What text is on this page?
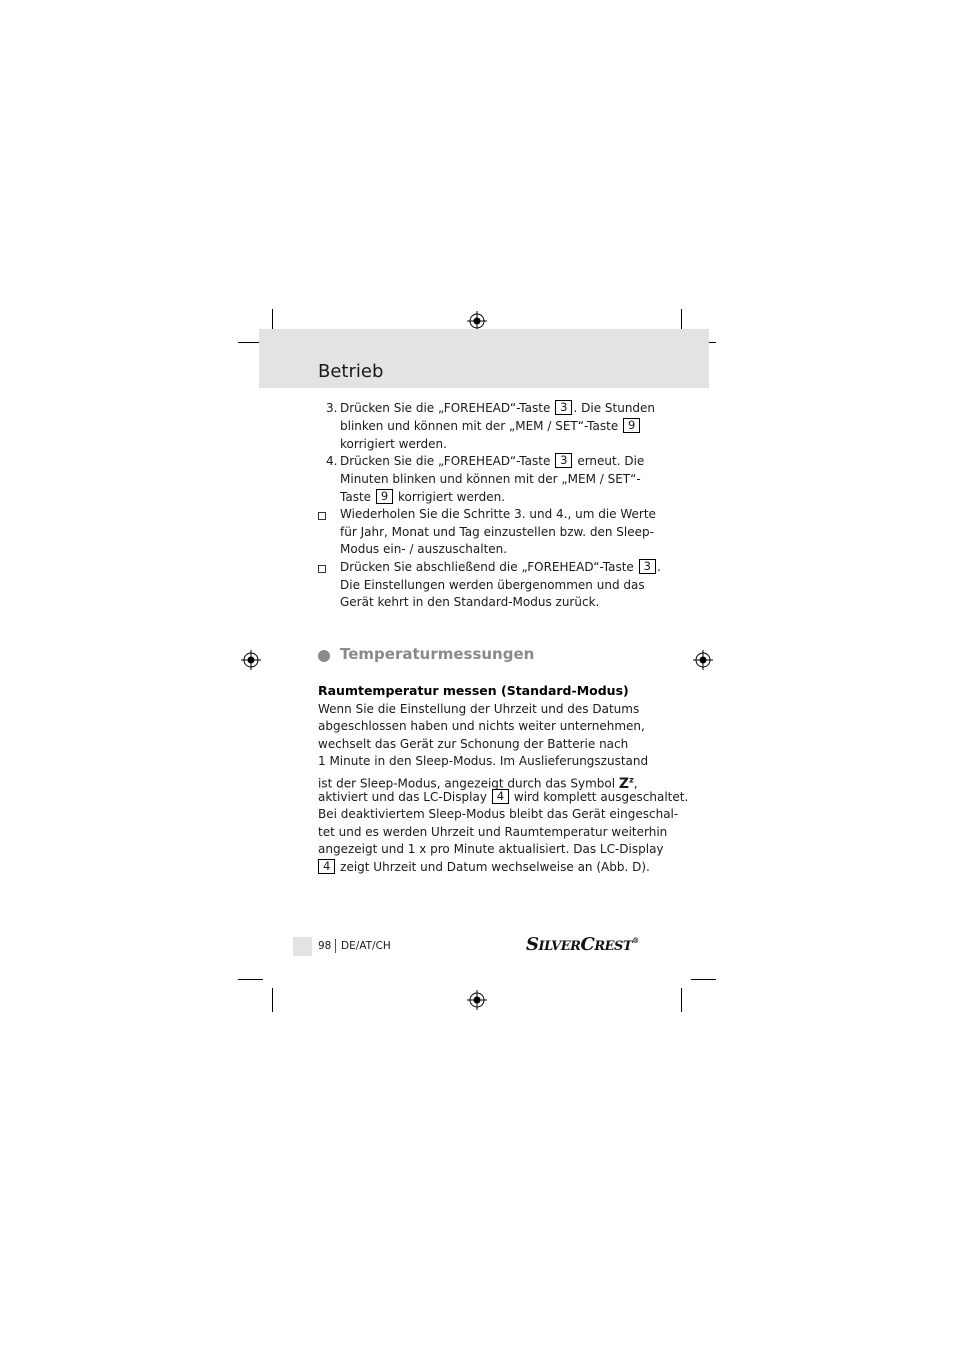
Betrieb
3. Drücken Sie die „FOREHEAD“-Taste 3 . Die Stunden
blinken und können mit der „MEM / SET“-Taste 9
korrigiert werden.
4. Drücken Sie die „FOREHEAD“-Taste 3 erneut. Die
Minuten blinken und können mit der „MEM / SET“-
Taste 9 korrigiert werden.
Wiederholen Sie die Schritte 3. und 4., um die Werte
für Jahr, Monat und Tag einzustellen bzw. den Sleep-
Modus ein- / auszuschalten.
Drücken Sie abschließend die „FOREHEAD“-Taste 3 .
Die Einstellungen werden übergenommen und das
Gerät kehrt in den Standard-Modus zurück.
Temperaturmessungen
Raumtemperatur messen (Standard-Modus)
Wenn Sie die Einstellung der Uhrzeit und des Datums
abgeschlossen haben und nichts weiter unternehmen,
wechselt das Gerät zur Schonung der Batterie nach
1 Minute in den Sleep-Modus. Im Auslieferungszustand
ist der Sleep-Modus, angezeigt durch das Symbol $Z^z$,
aktiviert und das LC-Display 4 wird komplett ausgeschaltet.
Bei deaktiviertem Sleep-Modus bleibt das Gerät eingeschal-
tet und es werden Uhrzeit und Raumtemperatur weiterhin
angezeigt und 1 x pro Minute aktualisiert. Das LC-Display
4 zeigt Uhrzeit und Datum wechselweise an (Abb. D).
98 DE/AT/CH	SILVERCREST®
